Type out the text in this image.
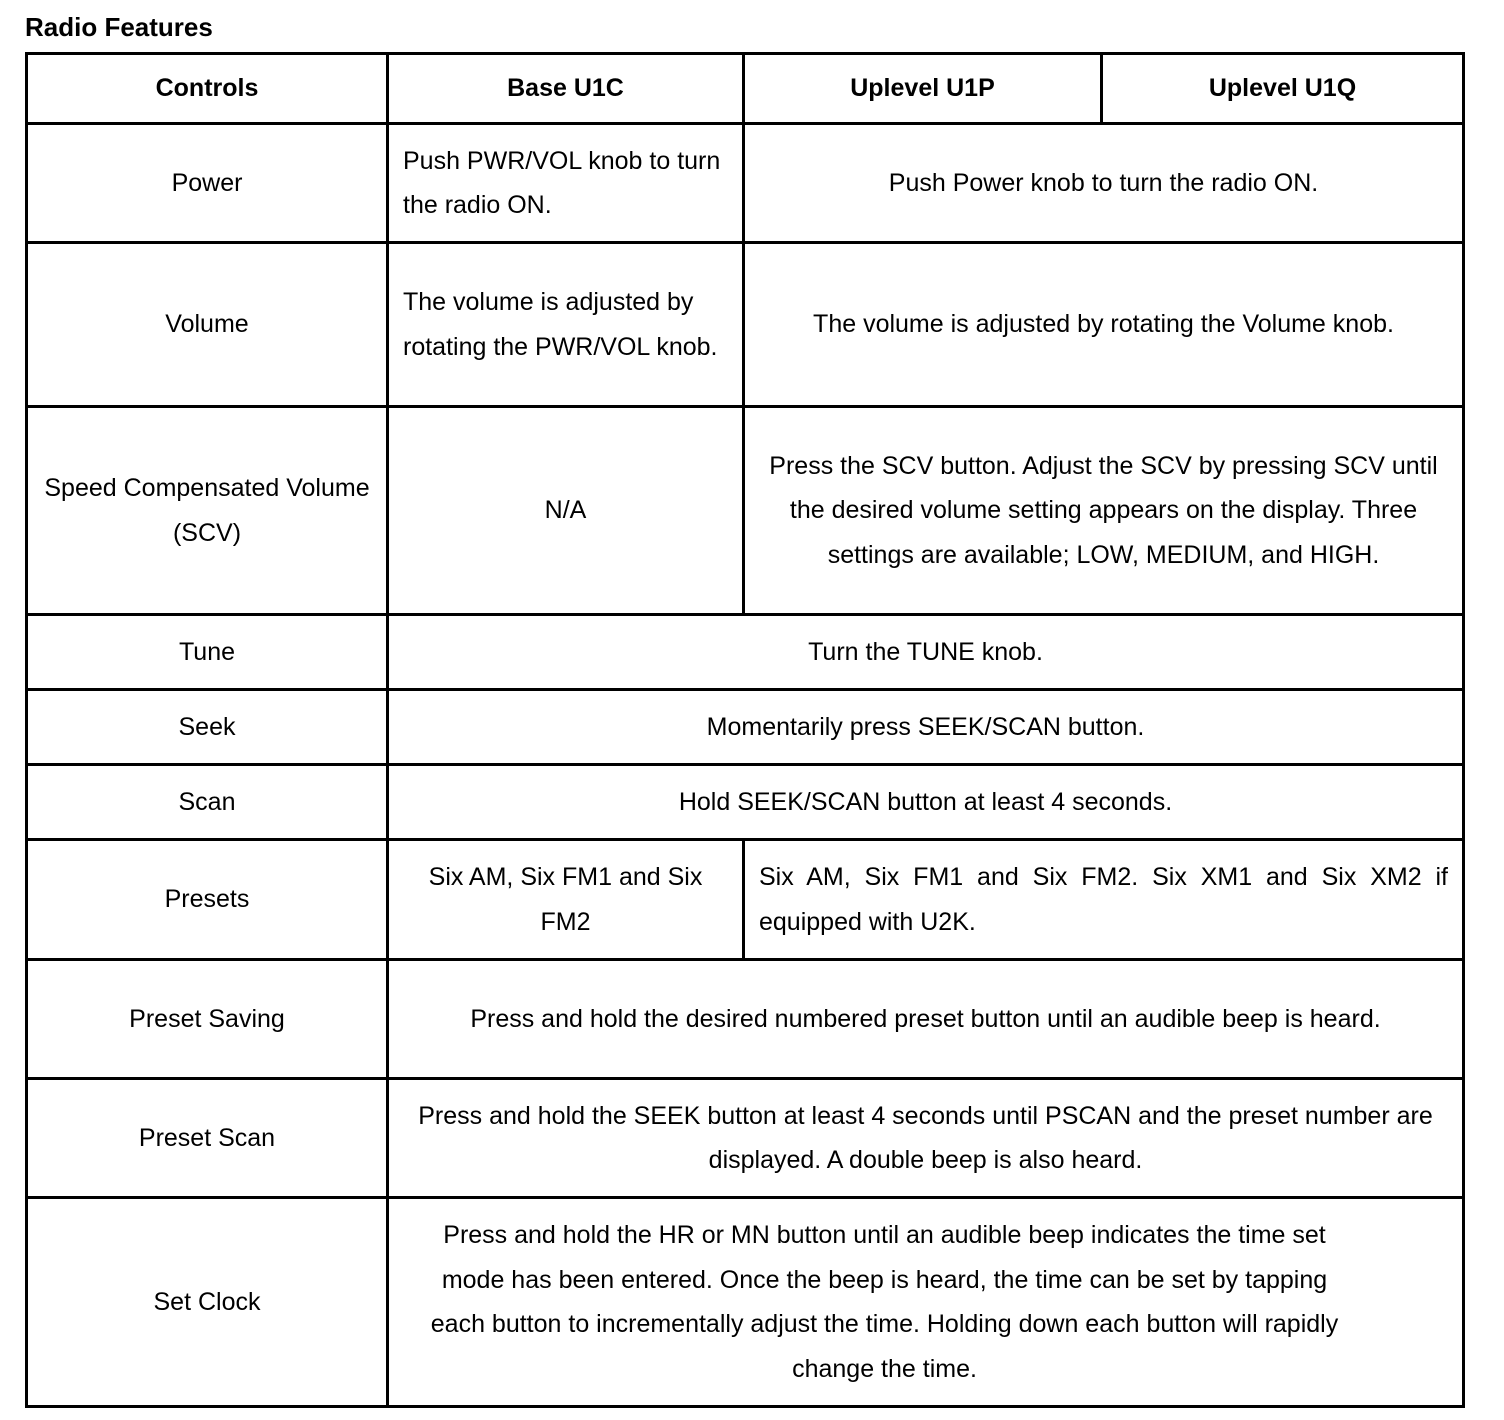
Radio Features
Controls	Base U1C	Uplevel U1P	Uplevel U1Q
Power	Push PWR/VOL knob to turn the radio ON.	Push Power knob to turn the radio ON.	
Volume	The volume is adjusted by rotating the PWR/VOL knob.	The volume is adjusted by rotating the Volume knob.	
Speed Compensated Volume (SCV)	N/A	Press the SCV button. Adjust the SCV by pressing SCV until the desired volume setting appears on the display. Three settings are available; LOW, MEDIUM, and HIGH.	
Tune	Turn the TUNE knob.		
Seek	Momentarily press SEEK/SCAN button.		
Scan	Hold SEEK/SCAN button at least 4 seconds.		
Presets	Six AM, Six FM1 and Six FM2	Six AM, Six FM1 and Six FM2. Six XM1 and Six XM2 if equipped with U2K.	
Preset Saving	Press and hold the desired numbered preset button until an audible beep is heard.		
Preset Scan	Press and hold the SEEK button at least 4 seconds until PSCAN and the preset number are displayed. A double beep is also heard.		
Set Clock	Press and hold the HR or MN button until an audible beep indicates the time set mode has been entered. Once the beep is heard, the time can be set by tapping each button to incrementally adjust the time. Holding down each button will rapidly change the time.		
